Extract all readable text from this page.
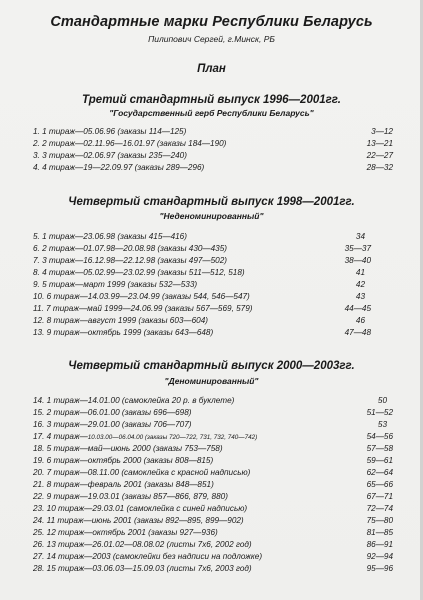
Стандартные марки Республики Беларусь
Пилипович Сергей, г.Минск, РБ
План
Третий стандартный выпуск 1996—2001гг.
"Государственный герб Республики Беларусь"
1. 1 тираж—05.06.96 (заказы 114—125)	3—12
2. 2 тираж—02.11.96—16.01.97 (заказы 184—190)	13—21
3. 3 тираж—02.06.97 (заказы 235—240)	22—27
4. 4 тираж—19—22.09.97 (заказы 289—296)	28—32
Четвертый стандартный выпуск 1998—2001гг.
"Неденоминированный"
5. 1 тираж—23.06.98 (заказы 415—416)	34
6. 2 тираж—01.07.98—20.08.98 (заказы 430—435)	35—37
7. 3 тираж—16.12.98—22.12.98 (заказы 497—502)	38—40
8. 4 тираж—05.02.99—23.02.99 (заказы 511—512, 518)	41
9. 5 тираж—март 1999 (заказы 532—533)	42
10. 6 тираж—14.03.99—23.04.99 (заказы 544, 546—547)	43
11. 7 тираж—май 1999—24.06.99 (заказы 567—569, 579)	44—45
12. 8 тираж—август 1999 (заказы 603—604)	46
13. 9 тираж—октябрь 1999 (заказы 643—648)	47—48
Четвертый стандартный выпуск 2000—2003гг.
"Деноминированный"
14. 1 тираж—14.01.00 (самоклейка 20 р. в буклете)	50
15. 2 тираж—06.01.00 (заказы 696—698)	51—52
16. 3 тираж—29.01.00 (заказы 706—707)	53
17. 4 тираж—10.03.00—06.04.00 (заказы 720—722, 731, 732, 740—742)	54—56
18. 5 тираж—май—июнь 2000 (заказы 753—758)	57—58
19. 6 тираж—октябрь 2000 (заказы 808—815)	59—61
20. 7 тираж—08.11.00 (самоклейка с красной надписью)	62—64
21. 8 тираж—февраль 2001 (заказы 848—851)	65—66
22. 9 тираж—19.03.01 (заказы 857—866, 879, 880)	67—71
23. 10 тираж—29.03.01 (самоклейка с синей надписью)	72—74
24. 11 тираж—июнь 2001 (заказы 892—895, 899—902)	75—80
25. 12 тираж—октябрь 2001 (заказы 927—936)	81—85
26. 13 тираж—26.01.02—08.08.02 (листы 7х6, 2002 год)	86—91
27. 14 тираж—2003 (самоклейки без надписи на подложке)	92—94
28. 15 тираж—03.06.03—15.09.03 (листы 7х6, 2003 год)	95—96
